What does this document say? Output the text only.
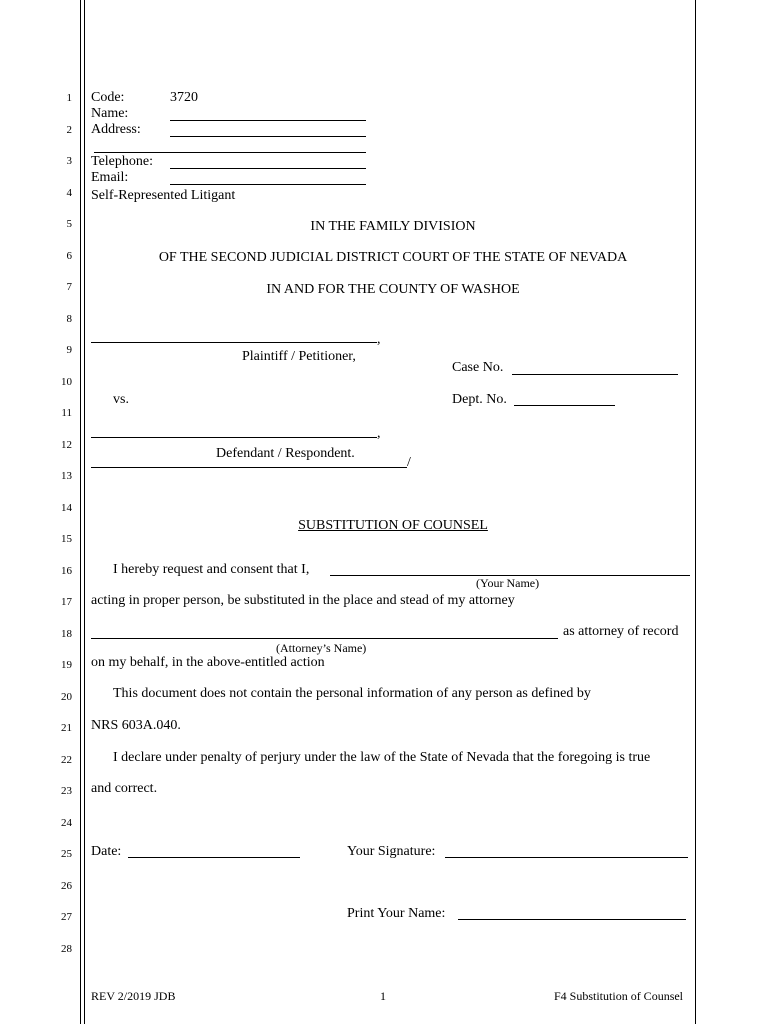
1
2
3
4
5
6
7
8
9
10
11
12
13
14
15
16
17
18
19
20
21
22
23
24
25
26
27
28
Code:	3720
Name:
Address:
Telephone:
Email:
Self-Represented Litigant
IN THE FAMILY DIVISION
OF THE SECOND JUDICIAL DISTRICT COURT OF THE STATE OF NEVADA
IN AND FOR THE COUNTY OF WASHOE
,
Plaintiff / Petitioner,
Case No.
vs.	Dept. No.
,
Defendant / Respondent.
/
SUBSTITUTION OF COUNSEL
I hereby request and consent that I,
(Your Name)
acting in proper person, be substituted in the place and stead of my attorney
as attorney of record
(Attorney’s Name)
on my behalf, in the above-entitled action
This document does not contain the personal information of any person as defined by
NRS 603A.040.
I declare under penalty of perjury under the law of the State of Nevada that the foregoing is true
and correct.
Date:	Your Signature:
Print Your Name:
REV 2/2019 JDB	1	F4 Substitution of Counsel
